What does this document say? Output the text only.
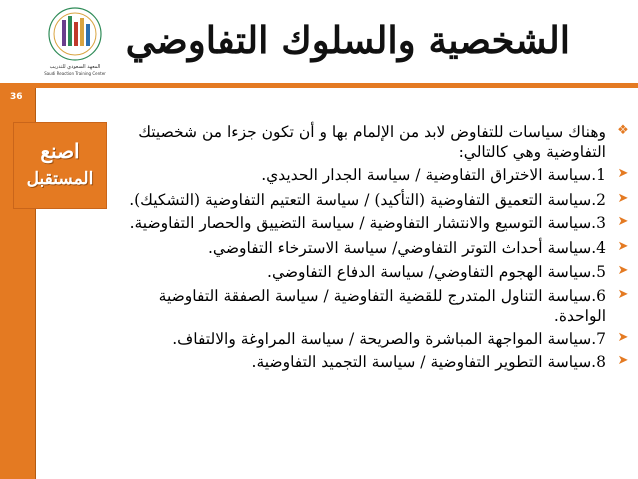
المعهد السعودي للتدريب
Saudi Reaction Training Center
الشخصية والسلوك التفاوضي
36
اصنع
المستقبل
❖
وهناك سياسات للتفاوض لابد من الإلمام بها و أن تكون جزءا من شخصيتك التفاوضية وهي كالتالي:
➤
1.سياسة الاختراق التفاوضية / سياسة الجدار الحديدي.
➤
2.سياسة التعميق التفاوضية (التأكيد) / سياسة التعتيم التفاوضية (التشكيك).
➤
3.سياسة التوسيع والانتشار التفاوضية / سياسة التضييق والحصار التفاوضية.
➤
4.سياسة أحداث التوتر التفاوضي/ سياسة الاسترخاء التفاوضي.
➤
5.سياسة الهجوم التفاوضي/ سياسة الدفاع التفاوضي.
➤
6.سياسة التناول المتدرج للقضية التفاوضية / سياسة الصفقة التفاوضية الواحدة.
➤
7.سياسة المواجهة المباشرة والصريحة / سياسة المراوغة والالتفاف.
➤
8.سياسة التطوير التفاوضية / سياسة التجميد التفاوضية.
